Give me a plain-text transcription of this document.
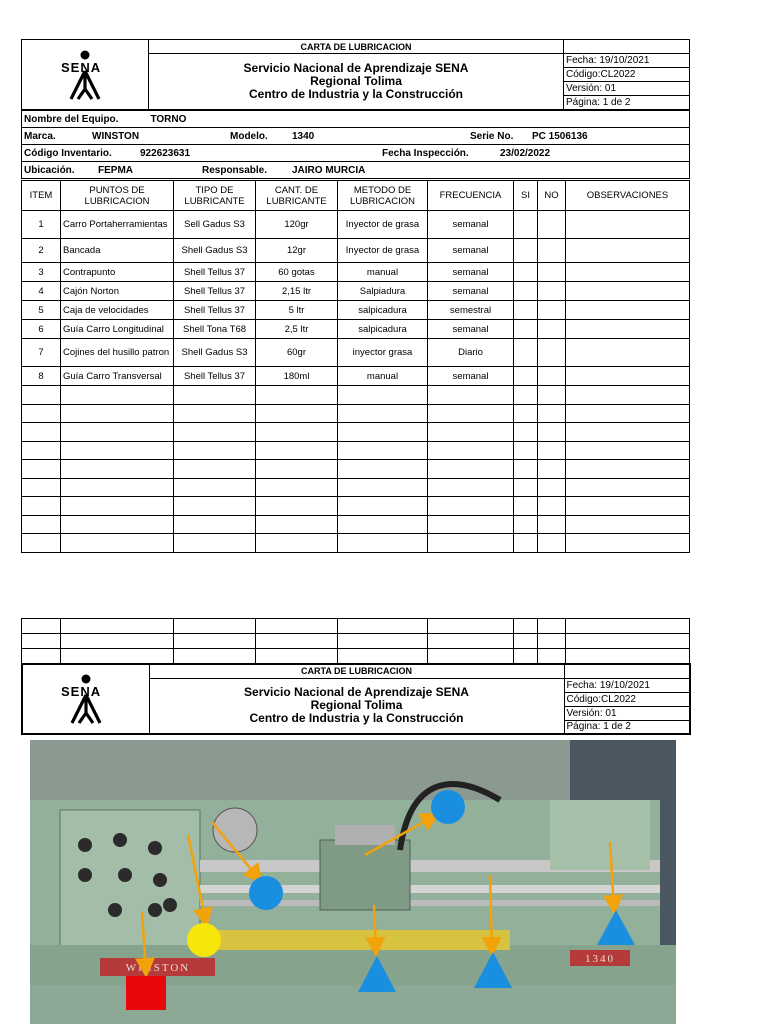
	CARTA DE LUBRICACION	

	Servicio Nacional de Aprendizaje SENA
Regional Tolima
Centro de Industria y la Construcción	Fecha: 19/10/2021
		Código:CL2022
		Versión: 01
		Página: 1 de 2
Nombre del Equipo.	TORNO
Marca.	WINSTON	Modelo. 1340	Serie No. PC 1506136

Código Inventario.	922623631	Fecha Inspección.	23/02/2022

Ubicación. FEPMA	Responsable. JAIRO MURCIA
ITEM	PUNTOS DE LUBRICACION	TIPO DE LUBRICANTE	CANT. DE LUBRICANTE	METODO DE LUBRICACION	FRECUENCIA	SI	NO	OBSERVACIONES
1	Carro Portaherramientas	Sell Gadus S3	120gr	Inyector de grasa	semanal			
2	Bancada	Shell Gadus S3	12gr	Inyector de grasa	semanal			
3	Contrapunto	Shell Tellus 37	60 gotas	manual	semanal			
4	Cajón Norton	Shell Tellus 37	2,15 ltr	Salpiadura	semanal			
5	Caja de velocidades	Shell Tellus 37	5 ltr	salpicadura	semestral			
6	Guía Carro Longitudinal	Shell Tona T68	2,5 ltr	salpicadura	semanal			
7	Cojines del husillo patron	Shell Gadus S3	60gr	inyector grasa	Diario			
8	Guía Carro Transversal	Shell Tellus 37	180ml	manual	semanal			

	CARTA DE LUBRICACION	

	Servicio Nacional de Aprendizaje SENA
Regional Tolima
Centro de Industria y la Construcción	Fecha: 19/10/2021
		Código:CL2022
		Versión: 01
		Página: 1 de 2
SENA
SENA
WINSTON
1340
